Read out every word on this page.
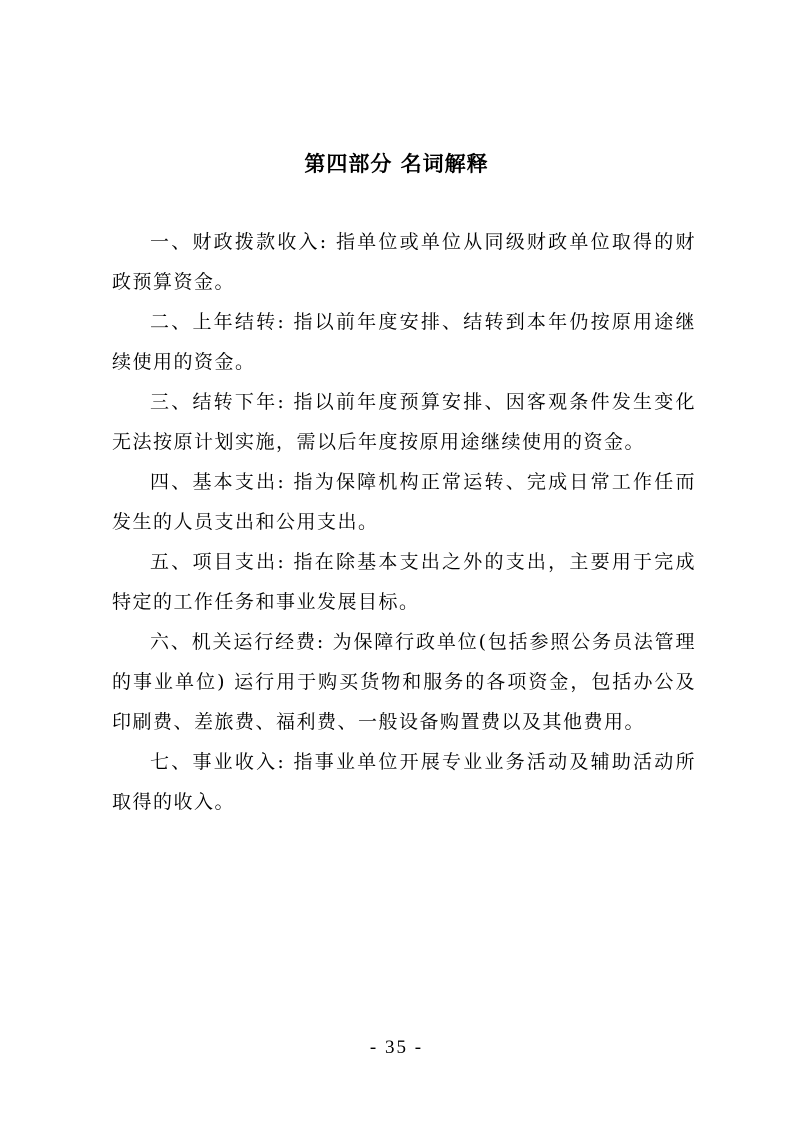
第四部分 名词解释

一、财政拨款收入: 指单位或单位从同级财政单位取得的财政预算资金。

二、上年结转: 指以前年度安排、结转到本年仍按原用途继续使用的资金。

三、结转下年: 指以前年度预算安排、因客观条件发生变化无法按原计划实施，需以后年度按原用途继续使用的资金。

四、基本支出: 指为保障机构正常运转、完成日常工作任而发生的人员支出和公用支出。

五、项目支出: 指在除基本支出之外的支出，主要用于完成特定的工作任务和事业发展目标。

六、机关运行经费: 为保障行政单位(包括参照公务员法管理的事业单位) 运行用于购买货物和服务的各项资金，包括办公及印刷费、差旅费、福利费、一般设备购置费以及其他费用。

七、事业收入: 指事业单位开展专业业务活动及辅助活动所取得的收入。

- 35 -
